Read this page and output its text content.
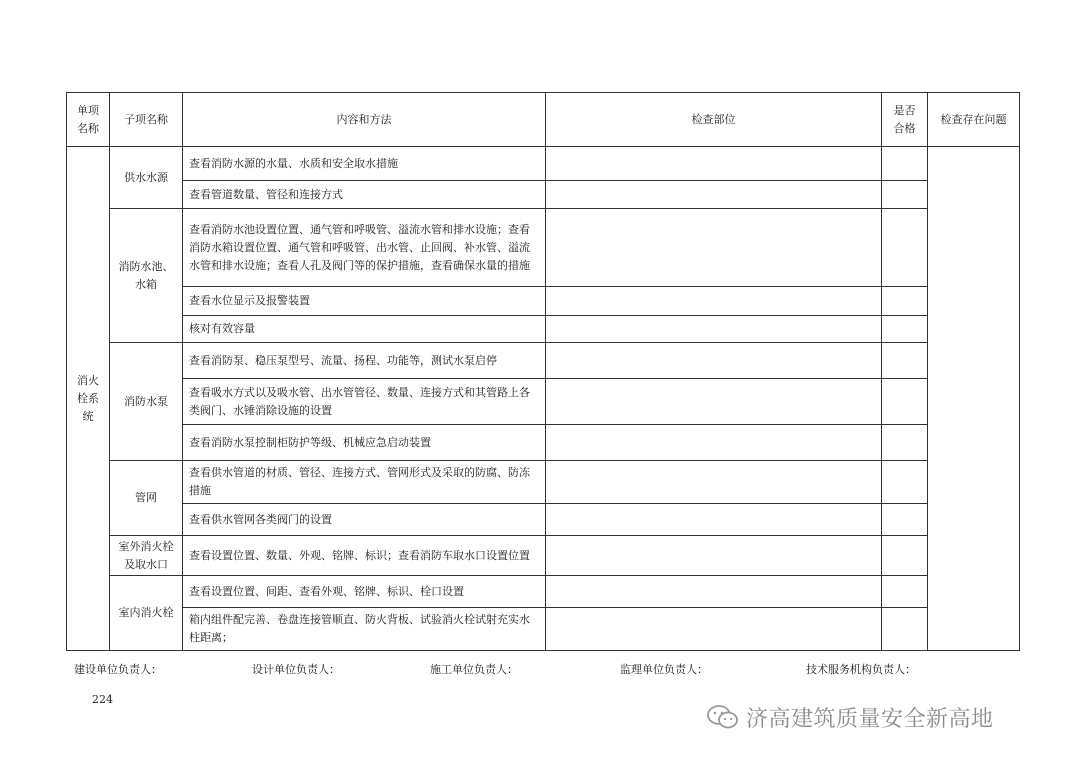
单项名称	子项名称	内容和方法	检查部位	是否合格	检查存在问题
消火栓系统	供水水源	查看消防水源的水量、水质和安全取水措施			
		查看管道数量、管径和连接方式			
	消防水池、水箱	查看消防水池设置位置、通气管和呼吸管、溢流水管和排水设施；查看消防水箱设置位置、通气管和呼吸管、出水管、止回阀、补水管、溢流水管和排水设施；查看人孔及阀门等的保护措施，查看确保水量的措施			
		查看水位显示及报警装置			
		核对有效容量			
	消防水泵	查看消防泵、稳压泵型号、流量、扬程、功能等，测试水泵启停			
		查看吸水方式以及吸水管、出水管管径、数量、连接方式和其管路上各类阀门、水锤消除设施的设置			
		查看消防水泵控制柜防护等级、机械应急启动装置			
	管网	查看供水管道的材质、管径、连接方式、管网形式及采取的防腐、防冻措施			
		查看供水管网各类阀门的设置			
	室外消火栓及取水口	查看设置位置、数量、外观、铭牌、标识；查看消防车取水口设置位置			
	室内消火栓	查看设置位置、间距、查看外观、铭牌、标识、栓口设置			
		箱内组件配完善、卷盘连接管顺直、防火背板、试验消火栓试射充实水柱距离；			
建设单位负责人：	设计单位负责人：	施工单位负责人：	监理单位负责人：	技术服务机构负责人：
224
济高建筑质量安全新高地
